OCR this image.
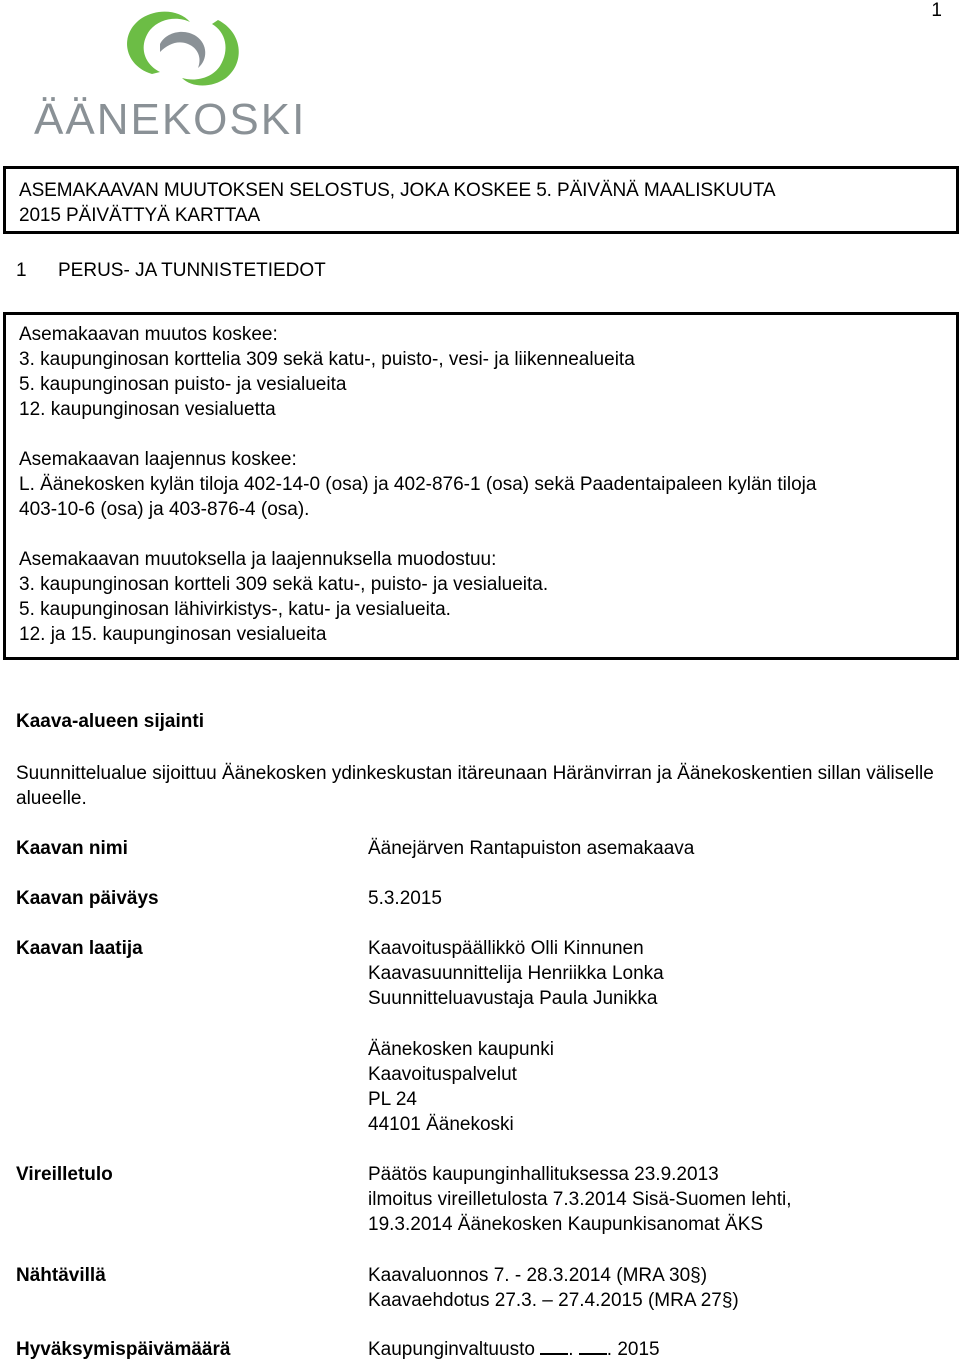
1
ÄÄNEKOSKI
ASEMAKAAVAN MUUTOKSEN SELOSTUS, JOKA KOSKEE 5. PÄIVÄNÄ MAALISKUUTA
2015 PÄIVÄTTYÄ KARTTAA
1 PERUS- JA TUNNISTETIEDOT
Asemakaavan muutos koskee:
3. kaupunginosan korttelia 309 sekä katu-, puisto-, vesi- ja liikennealueita
5. kaupunginosan puisto- ja vesialueita
12. kaupunginosan vesialuetta
Asemakaavan laajennus koskee:
L. Äänekosken kylän tiloja 402-14-0 (osa) ja 402-876-1 (osa) sekä Paadentaipaleen kylän tiloja
403-10-6 (osa) ja 403-876-4 (osa).
Asemakaavan muutoksella ja laajennuksella muodostuu:
3. kaupunginosan kortteli 309 sekä katu-, puisto- ja vesialueita.
5. kaupunginosan lähivirkistys-, katu- ja vesialueita.
12. ja 15. kaupunginosan vesialueita
Kaava-alueen sijainti
Suunnittelualue sijoittuu Äänekosken ydinkeskustan itäreunaan Häränvirran ja Äänekoskentien sillan väliselle alueelle.
Kaavan nimi	Äänejärven Rantapuiston asemakaava
Kaavan päiväys	5.3.2015
Kaavan laatija	Kaavoituspäällikkö Olli Kinnunen
Kaavasuunnittelija Henriikka Lonka
Suunnitteluavustaja Paula Junikka
Äänekosken kaupunki
Kaavoituspalvelut
PL 24
44101 Äänekoski
Vireilletulo	Päätös kaupunginhallituksessa 23.9.2013
ilmoitus vireilletulosta 7.3.2014 Sisä-Suomen lehti,
19.3.2014 Äänekosken Kaupunkisanomat ÄKS
Nähtävillä	Kaavaluonnos 7. - 28.3.2014 (MRA 30§)
Kaavaehdotus 27.3. – 27.4.2015 (MRA 27§)
Hyväksymispäivämäärä	Kaupunginvaltuusto . . 2015
